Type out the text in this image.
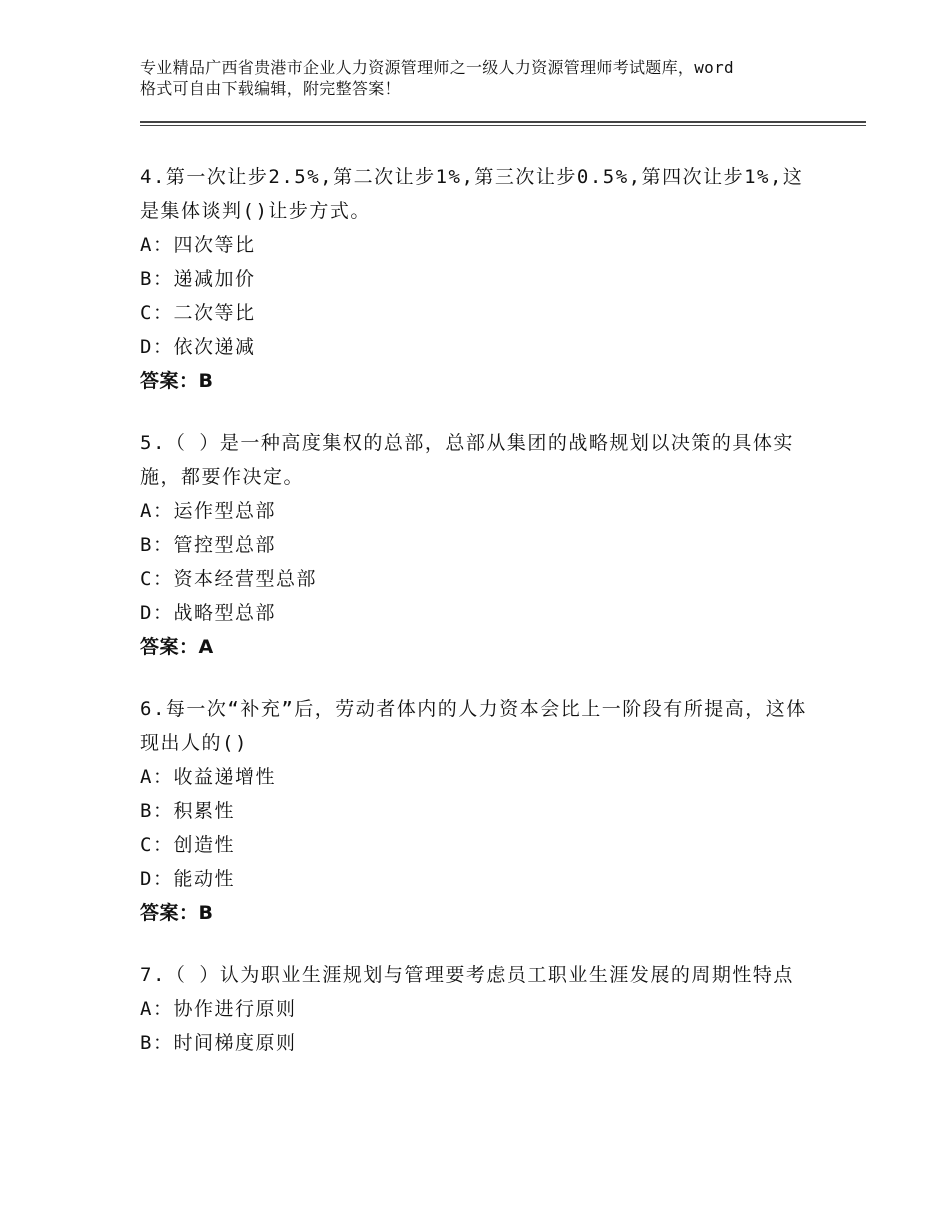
专业精品广西省贵港市企业人力资源管理师之一级人力资源管理师考试题库，word
格式可自由下载编辑，附完整答案！

4.第一次让步2.5%,第二次让步1%,第三次让步0.5%,第四次让步1%,这是集体谈判()让步方式。

A：四次等比
B：递减加价
C：二次等比
D：依次递减
答案：B

5.（ ）是一种高度集权的总部，总部从集团的战略规划以决策的具体实施，都要作决定。

A：运作型总部
B：管控型总部
C：资本经营型总部
D：战略型总部
答案：A

6.每一次“补充”后，劳动者体内的人力资本会比上一阶段有所提高，这体现出人的()

A：收益递增性
B：积累性
C：创造性
D：能动性
答案：B

7.（ ）认为职业生涯规划与管理要考虑员工职业生涯发展的周期性特点

A：协作进行原则
B：时间梯度原则
